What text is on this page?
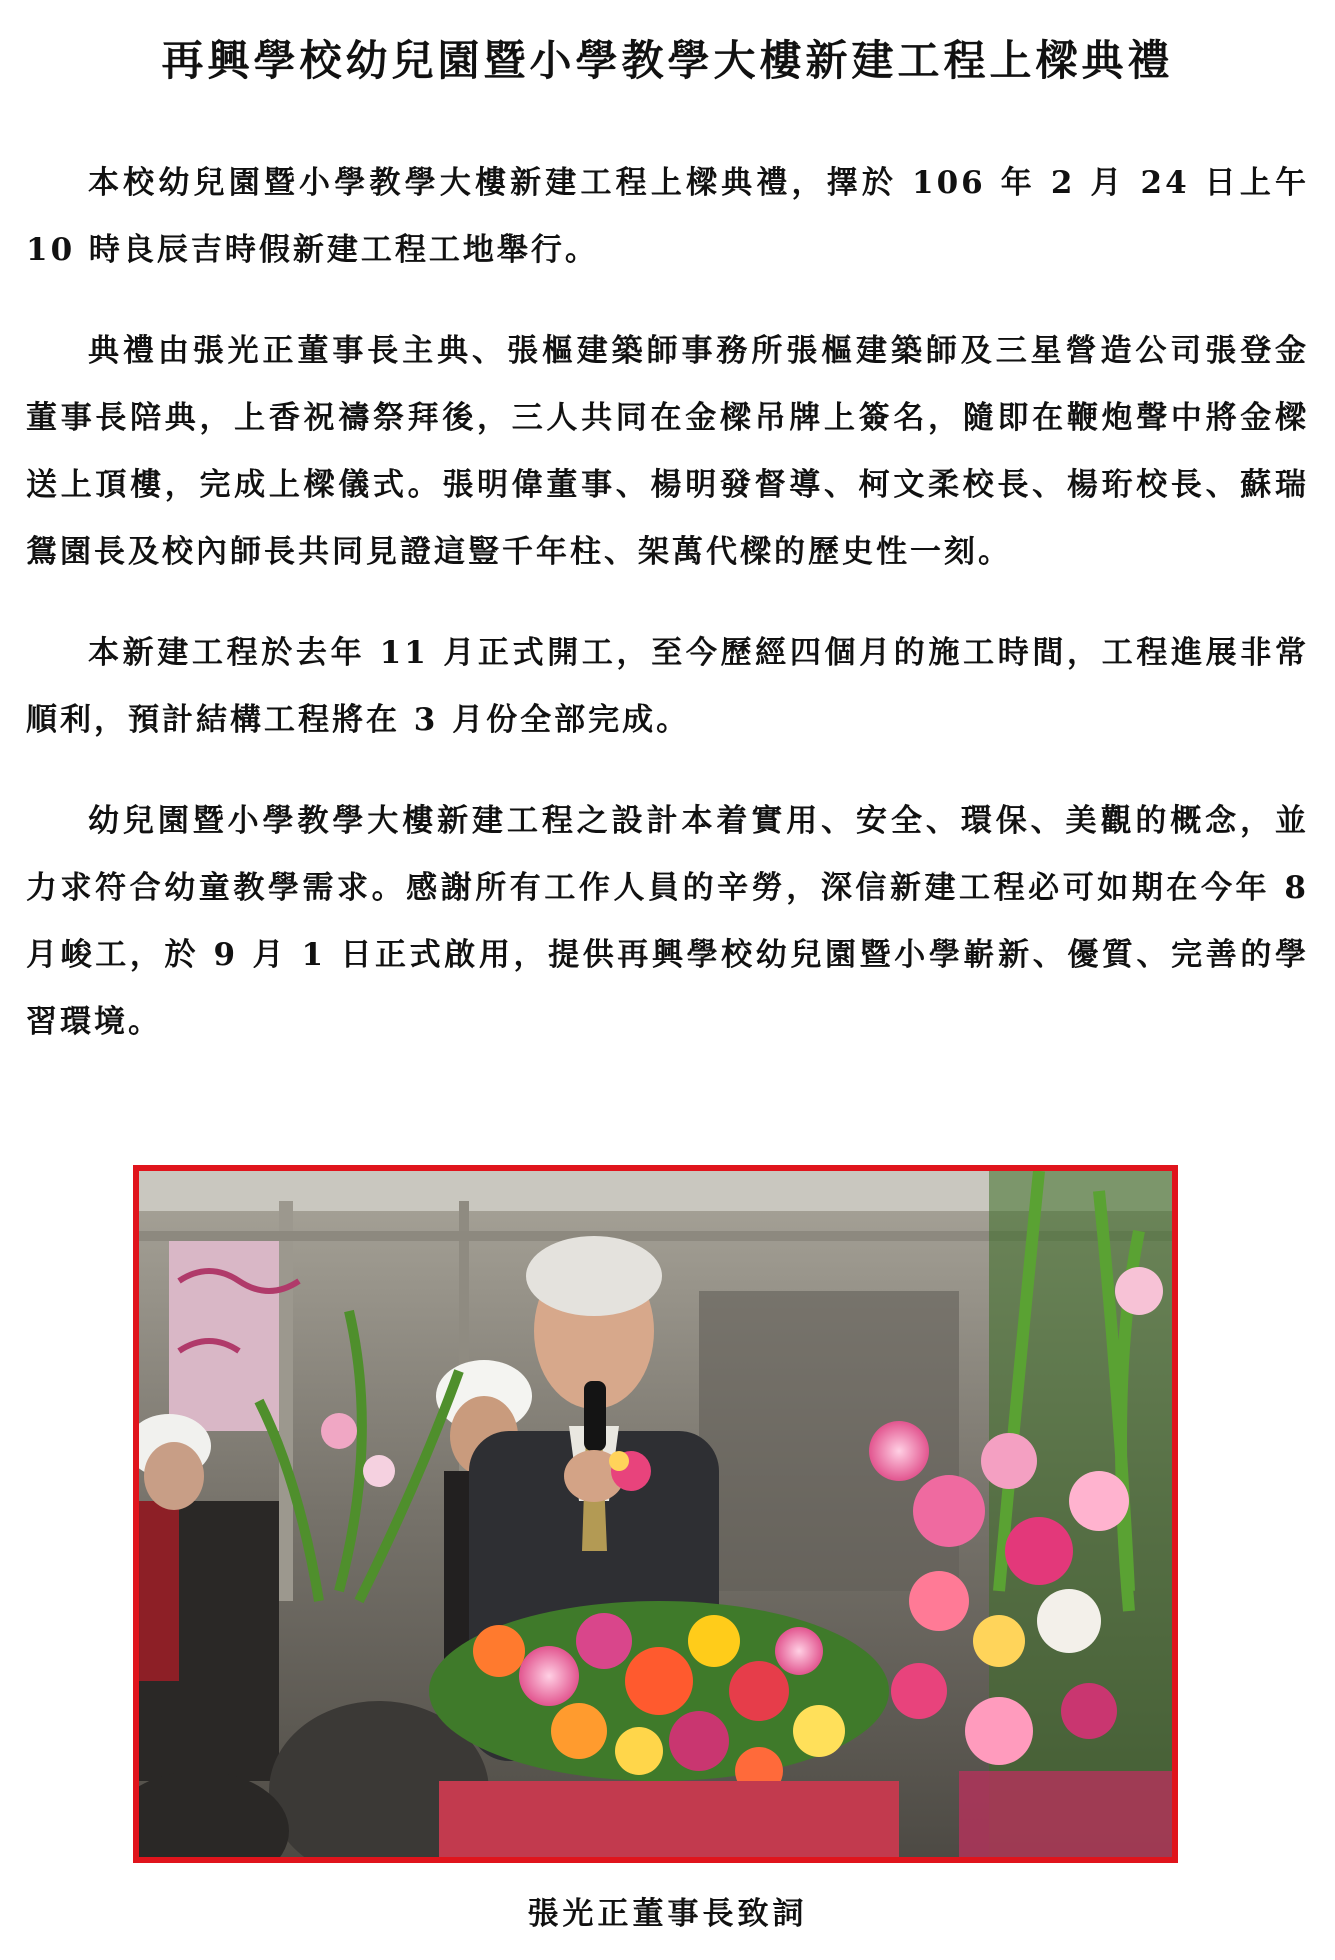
再興學校幼兒園暨小學教學大樓新建工程上樑典禮

本校幼兒園暨小學教學大樓新建工程上樑典禮，擇於 106 年 2 月 24 日上午 10 時良辰吉時假新建工程工地舉行。

典禮由張光正董事長主典、張樞建築師事務所張樞建築師及三星營造公司張登金董事長陪典，上香祝禱祭拜後，三人共同在金樑吊牌上簽名，隨即在鞭炮聲中將金樑送上頂樓，完成上樑儀式。張明偉董事、楊明發督導、柯文柔校長、楊珩校長、蘇瑞鴛園長及校內師長共同見證這豎千年柱、架萬代樑的歷史性一刻。

本新建工程於去年 11 月正式開工，至今歷經四個月的施工時間，工程進展非常順利，預計結構工程將在 3 月份全部完成。

幼兒園暨小學教學大樓新建工程之設計本着實用、安全、環保、美觀的概念，並力求符合幼童教學需求。感謝所有工作人員的辛勞，深信新建工程必可如期在今年 8 月峻工，於 9 月 1 日正式啟用，提供再興學校幼兒園暨小學嶄新、優質、完善的學習環境。

張光正董事長致詞
